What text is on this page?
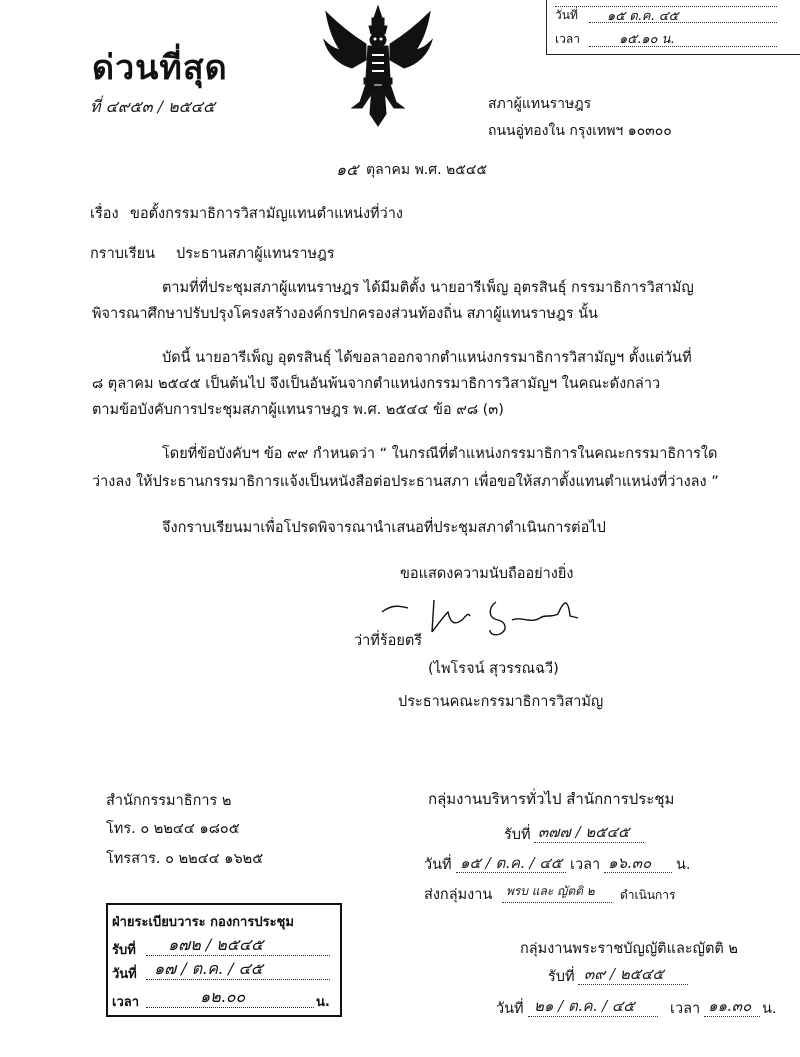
วันที่ ๑๕ ต.ค. ๔๕
เวลา	๑๕.๑๐ น.
ด่วนที่สุด
ที่ ๔๙๕๓ / ๒๕๔๕	สภาผู้แทนราษฎร
ถนนอู่ทองใน กรุงเทพฯ ๑๐๓๐๐
๑๕ ตุลาคม พ.ศ. ๒๕๔๕
เรื่อง ขอตั้งกรรมาธิการวิสามัญแทนตำแหน่งที่ว่าง
กราบเรียน ประธานสภาผู้แทนราษฎร
ตามที่ที่ประชุมสภาผู้แทนราษฎร ได้มีมติตั้ง นายอารีเพ็ญ อุตรสินธุ์ กรรมาธิการวิสามัญ
พิจารณาศึกษาปรับปรุงโครงสร้างองค์กรปกครองส่วนท้องถิ่น สภาผู้แทนราษฎร นั้น
บัดนี้ นายอารีเพ็ญ อุตรสินธุ์ ได้ขอลาออกจากตำแหน่งกรรมาธิการวิสามัญฯ ตั้งแต่วันที่
๘ ตุลาคม ๒๕๔๕ เป็นต้นไป จึงเป็นอันพ้นจากตำแหน่งกรรมาธิการวิสามัญฯ ในคณะดังกล่าว
ตามข้อบังคับการประชุมสภาผู้แทนราษฎร พ.ศ. ๒๕๔๔ ข้อ ๙๘ (๓)
โดยที่ข้อบังคับฯ ข้อ ๙๙ กำหนดว่า “ ในกรณีที่ตำแหน่งกรรมาธิการในคณะกรรมาธิการใด
ว่างลง ให้ประธานกรรมาธิการแจ้งเป็นหนังสือต่อประธานสภา เพื่อขอให้สภาตั้งแทนตำแหน่งที่ว่างลง ”
จึงกราบเรียนมาเพื่อโปรดพิจารณานำเสนอที่ประชุมสภาดำเนินการต่อไป
ขอแสดงความนับถืออย่างยิ่ง
ว่าที่ร้อยตรี
(ไพโรจน์ สุวรรณฉวี)
ประธานคณะกรรมาธิการวิสามัญ
สำนักกรรมาธิการ ๒
โทร. ๐ ๒๒๔๔ ๑๘๐๕
โทรสาร. ๐ ๒๒๔๔ ๑๖๒๕
ฝ่ายระเบียบวาระ กองการประชุม
รับที่ ๑๗๒ / ๒๕๔๕
วันที่ ๑๗ / ต.ค. / ๔๕
เวลา	๑๒.๐๐	น.
กลุ่มงานบริหารทั่วไป สำนักการประชุม
รับที่ ๓๗๗ / ๒๕๔๕
วันที่ ๑๕ / ต.ค. / ๔๕ เวลา ๑๖.๓๐ น.
ส่งกลุ่มงาน พรบ และ ญัตติ ๒ ดำเนินการ
กลุ่มงานพระราชบัญญัติและญัตติ ๒
รับที่ ๓๙ / ๒๕๔๕
วันที่ ๒๑ / ต.ค. / ๔๕ เวลา ๑๑.๓๐ น.
